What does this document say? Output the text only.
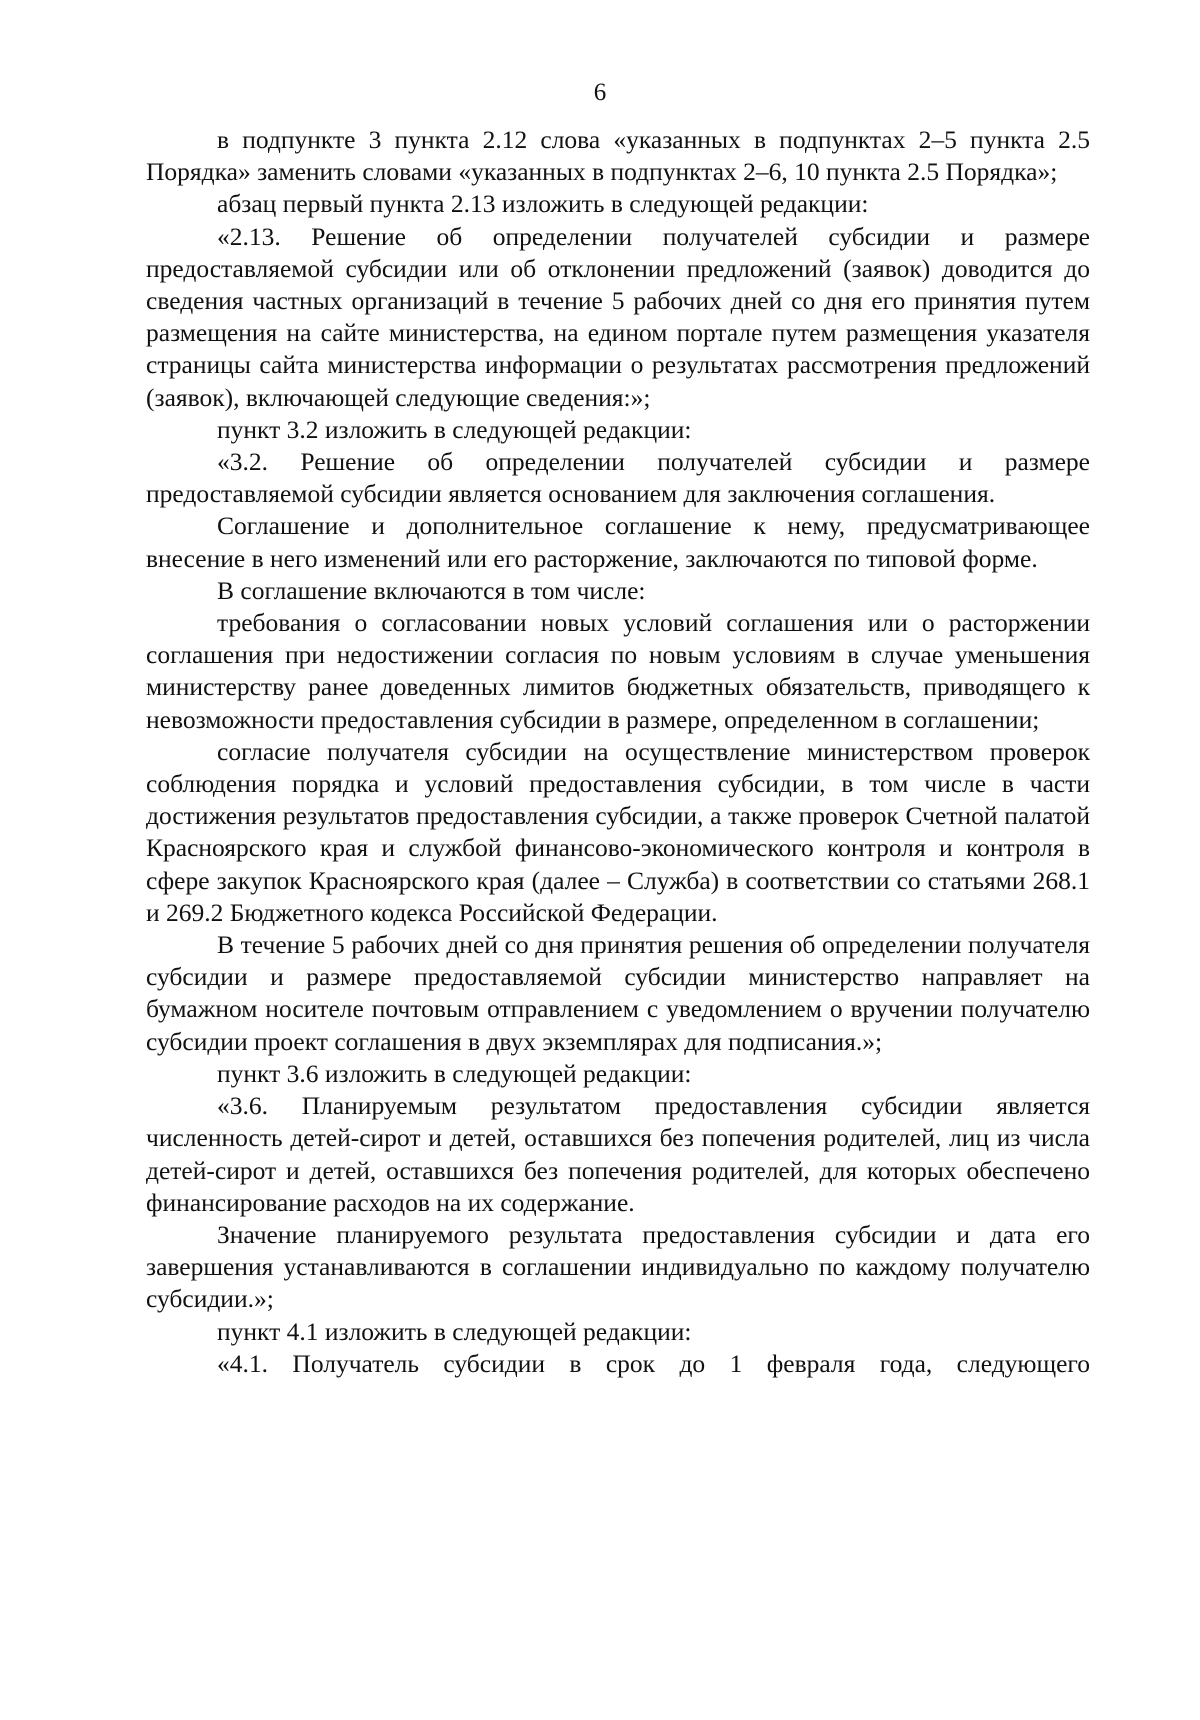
6

в подпункте 3 пункта 2.12 слова «указанных в подпунктах 2–5 пункта 2.5 Порядка» заменить словами «указанных в подпунктах 2–6, 10 пункта 2.5 Порядка»;

абзац первый пункта 2.13 изложить в следующей редакции:

«2.13. Решение об определении получателей субсидии и размере предоставляемой субсидии или об отклонении предложений (заявок) доводится до сведения частных организаций в течение 5 рабочих дней со дня его принятия путем размещения на сайте министерства, на едином портале путем размещения указателя страницы сайта министерства информации о результатах рассмотрения предложений (заявок), включающей следующие сведения:»;

пункт 3.2 изложить в следующей редакции:

«3.2. Решение об определении получателей субсидии и размере предоставляемой субсидии является основанием для заключения соглашения.

Соглашение и дополнительное соглашение к нему, предусматривающее внесение в него изменений или его расторжение, заключаются по типовой форме.

В соглашение включаются в том числе:

требования о согласовании новых условий соглашения или о расторжении соглашения при недостижении согласия по новым условиям в случае уменьшения министерству ранее доведенных лимитов бюджетных обязательств, приводящего к невозможности предоставления субсидии в размере, определенном в соглашении;

согласие получателя субсидии на осуществление министерством проверок соблюдения порядка и условий предоставления субсидии, в том числе в части достижения результатов предоставления субсидии, а также проверок Счетной палатой Красноярского края и службой финансово-экономического контроля и контроля в сфере закупок Красноярского края (далее – Служба) в соответствии со статьями 268.1 и 269.2 Бюджетного кодекса Российской Федерации.

В течение 5 рабочих дней со дня принятия решения об определении получателя субсидии и размере предоставляемой субсидии министерство направляет на бумажном носителе почтовым отправлением с уведомлением о вручении получателю субсидии проект соглашения в двух экземплярах для подписания.»;

пункт 3.6 изложить в следующей редакции:

«3.6. Планируемым результатом предоставления субсидии является численность детей-сирот и детей, оставшихся без попечения родителей, лиц из числа детей-сирот и детей, оставшихся без попечения родителей, для которых обеспечено финансирование расходов на их содержание.

Значение планируемого результата предоставления субсидии и дата его завершения устанавливаются в соглашении индивидуально по каждому получателю субсидии.»;

пункт 4.1 изложить в следующей редакции:

«4.1. Получатель субсидии в срок до 1 февраля года, следующего
